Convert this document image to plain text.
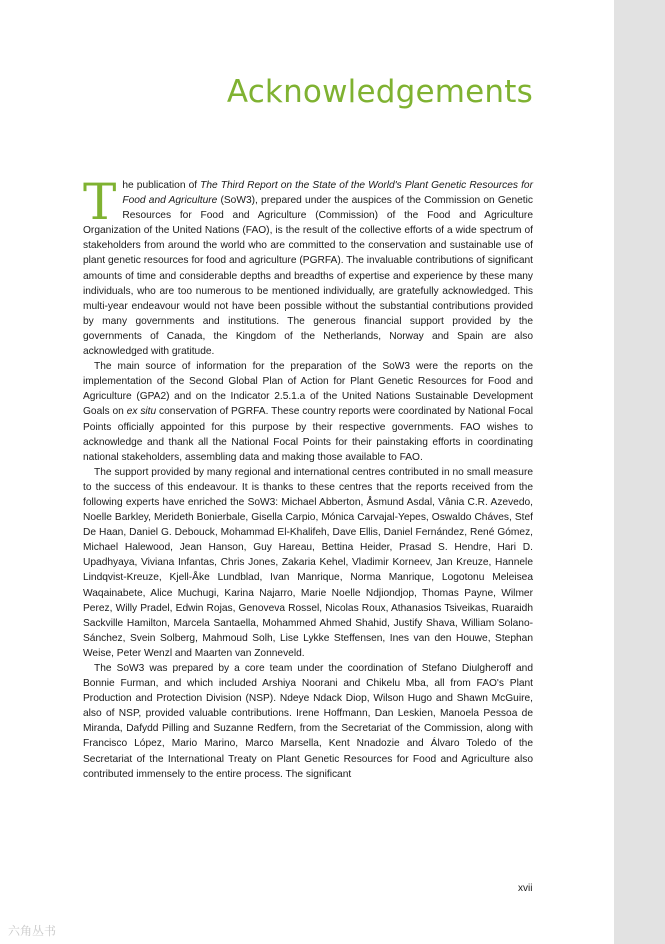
Acknowledgements

The publication of The Third Report on the State of the World's Plant Genetic Resources for Food and Agriculture (SoW3), prepared under the auspices of the Commission on Genetic Resources for Food and Agriculture (Commission) of the Food and Agriculture Organization of the United Nations (FAO), is the result of the collective efforts of a wide spectrum of stakeholders from around the world who are committed to the conservation and sustainable use of plant genetic resources for food and agriculture (PGRFA). The invaluable contributions of significant amounts of time and considerable depths and breadths of expertise and experience by these many individuals, who are too numerous to be mentioned individually, are gratefully acknowledged. This multi-year endeavour would not have been possible without the substantial contributions provided by many governments and institutions. The generous financial support provided by the governments of Canada, the Kingdom of the Netherlands, Norway and Spain are also acknowledged with gratitude.

The main source of information for the preparation of the SoW3 were the reports on the implementation of the Second Global Plan of Action for Plant Genetic Resources for Food and Agriculture (GPA2) and on the Indicator 2.5.1.a of the United Nations Sustainable Development Goals on ex situ conservation of PGRFA. These country reports were coordinated by National Focal Points officially appointed for this purpose by their respective governments. FAO wishes to acknowledge and thank all the National Focal Points for their painstaking efforts in coordinating national stakeholders, assembling data and making those available to FAO.

The support provided by many regional and international centres contributed in no small measure to the success of this endeavour. It is thanks to these centres that the reports received from the following experts have enriched the SoW3: Michael Abberton, Åsmund Asdal, Vânia C.R. Azevedo, Noelle Barkley, Merideth Bonierbale, Gisella Carpio, Mónica Carvajal-Yepes, Oswaldo Cháves, Stef De Haan, Daniel G. Debouck, Mohammad El-Khalifeh, Dave Ellis, Daniel Fernández, René Gómez, Michael Halewood, Jean Hanson, Guy Hareau, Bettina Heider, Prasad S. Hendre, Hari D. Upadhyaya, Viviana Infantas, Chris Jones, Zakaria Kehel, Vladimir Korneev, Jan Kreuze, Hannele Lindqvist-Kreuze, Kjell-Åke Lundblad, Ivan Manrique, Norma Manrique, Logotonu Meleisea Waqainabete, Alice Muchugi, Karina Najarro, Marie Noelle Ndjiondjop, Thomas Payne, Wilmer Perez, Willy Pradel, Edwin Rojas, Genoveva Rossel, Nicolas Roux, Athanasios Tsiveikas, Ruaraidh Sackville Hamilton, Marcela Santaella, Mohammed Ahmed Shahid, Justify Shava, William Solano-Sánchez, Svein Solberg, Mahmoud Solh, Lise Lykke Steffensen, Ines van den Houwe, Stephan Weise, Peter Wenzl and Maarten van Zonneveld.

The SoW3 was prepared by a core team under the coordination of Stefano Diulgheroff and Bonnie Furman, and which included Arshiya Noorani and Chikelu Mba, all from FAO's Plant Production and Protection Division (NSP). Ndeye Ndack Diop, Wilson Hugo and Shawn McGuire, also of NSP, provided valuable contributions. Irene Hoffmann, Dan Leskien, Manoela Pessoa de Miranda, Dafydd Pilling and Suzanne Redfern, from the Secretariat of the Commission, along with Francisco López, Mario Marino, Marco Marsella, Kent Nnadozie and Álvaro Toledo of the Secretariat of the International Treaty on Plant Genetic Resources for Food and Agriculture also contributed immensely to the entire process. The significant

xvii
六角丛书
